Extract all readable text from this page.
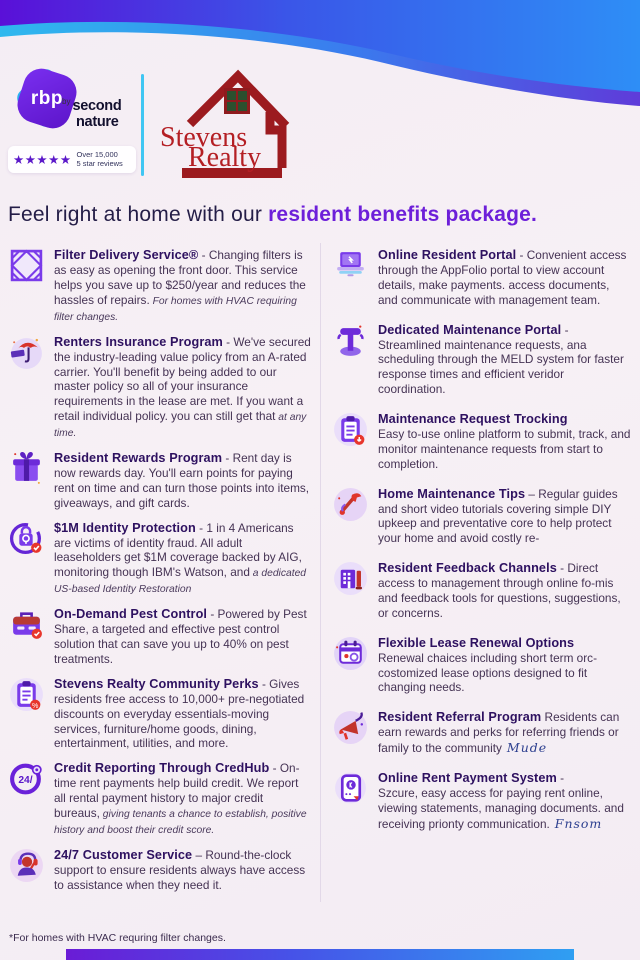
rbp
$^{by}$ second
nature
★★★★★ Over 15,000
5 star reviews
Stevens
Realty
Feel right at home with our resident benefits package.
Filter Delivery Service® - Changing filters is as easy as opening the front door. This service helps you save up to $250/year and reduces the hassles of repairs. For homes with HVAC requiring filter changes.
Renters Insurance Program - We've secured the industry-leading value policy from an A-rated carrier. You'll benefit by being added to our master policy so all of your insurance requirements in the lease are met. If you want a retail individual policy. you can still get that at any time.
Resident Rewards Program - Rent day is now rewards day. You'll earn points for paying rent on time and can turn those points into items, giveaways, and gift cards.
$1M Identity Protection - 1 in 4 Americans are victims of identity fraud. All adult leaseholders get $1M coverage backed by AIG, monitoring though IBM's Watson, and a dedicated US-based Identity Restoration
On-Demand Pest Control - Powered by Pest Share, a targeted and effective pest control solution that can save you up to 40% on pest treatments.
%
Stevens Realty Community Perks - Gives residents free access to 10,000+ pre-negotiated discounts on everyday essentials-moving services, furniture/home goods, dining, entertainment, utilities, and more.
24/
Credit Reporting Through CredHub - On-time rent payments help build credit. We report all rental payment history to major credit bureaus, giving tenants a chance to establish, positive history and boost their credit score.
24/7 Customer Service – Round-the-clock support to ensure residents always have access to assistance when they need it.
Online Resident Portal - Convenient access through the AppFolio portal to view account details, make payments. access documents, and communicate with management team.
Dedicated Maintenance Portal -
Streamlined maintenance requests, ana scheduling through the MELD system for faster response times and efficient veridor coordination.
Maintenance Request Trocking
Easy to-use online platform to submit, track, and monitor maintenance requests from start to completion.
Home Maintenance Tips – Regular guides and short video tutorials covering simple DIY upkeep and preventative core to help protect your home and avoid costly re-
Resident Feedback Channels - Direct access to management through online fo-mis and feedback tools for questions, suggestions, or concerns.
Flexible Lease Renewal Options
Renewal chaices including short term orc-costomized lease options designed to fit changing needs.
Resident Referral Program Residents can earn rewards and perks for referring friends or family to the community Mude
Online Rent Payment System -
Szcure, easy access for paying rent online, viewing statements, managing documents. and receiving prionty communication. Fnsom
*For homes with HVAC requring filter changes.
